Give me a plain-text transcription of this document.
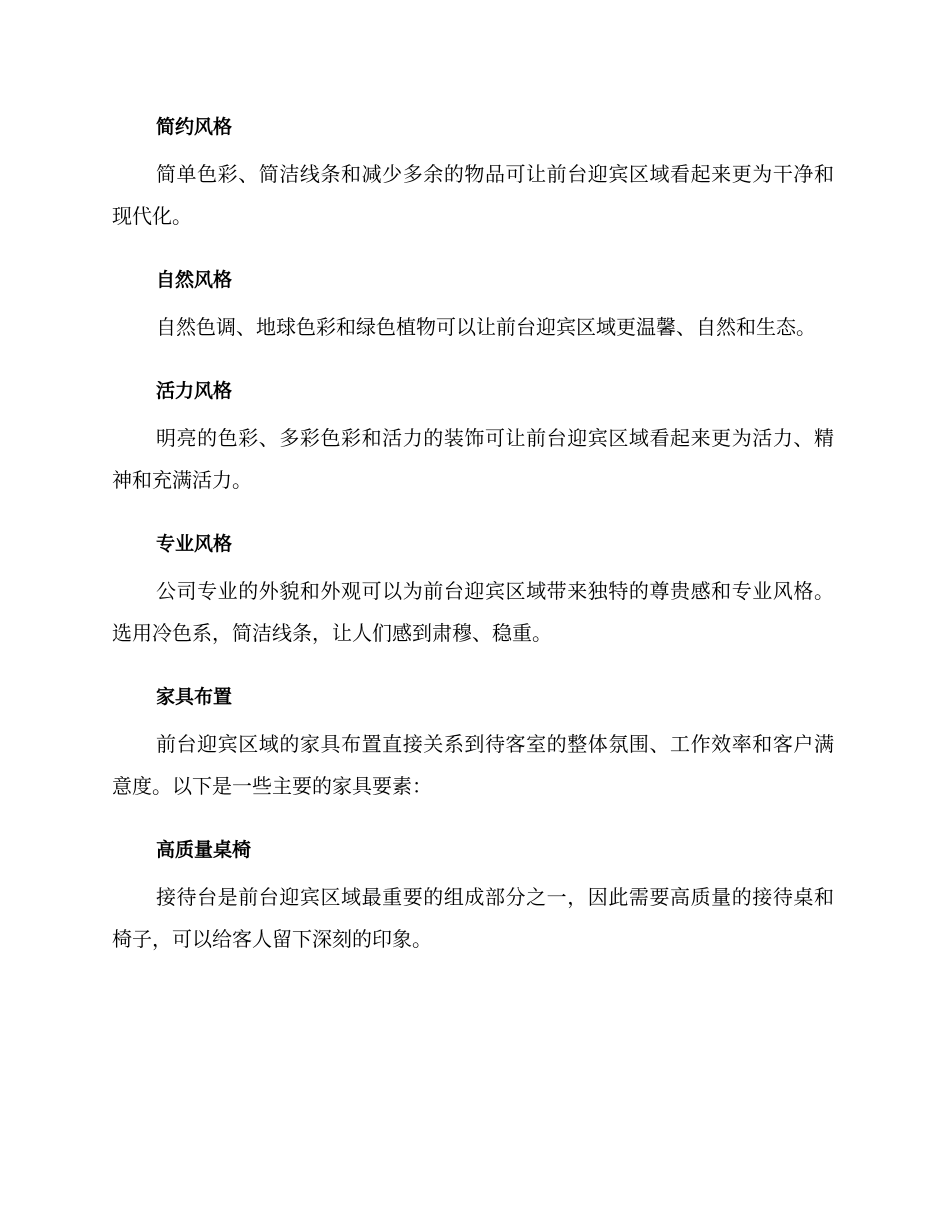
简约风格
简单色彩、简洁线条和减少多余的物品可让前台迎宾区域看起来更为干净和现代化。
自然风格
自然色调、地球色彩和绿色植物可以让前台迎宾区域更温馨、自然和生态。
活力风格
明亮的色彩、多彩色彩和活力的装饰可让前台迎宾区域看起来更为活力、精神和充满活力。
专业风格
公司专业的外貌和外观可以为前台迎宾区域带来独特的尊贵感和专业风格。选用冷色系，简洁线条，让人们感到肃穆、稳重。
家具布置
前台迎宾区域的家具布置直接关系到待客室的整体氛围、工作效率和客户满意度。以下是一些主要的家具要素：
高质量桌椅
接待台是前台迎宾区域最重要的组成部分之一，因此需要高质量的接待桌和椅子，可以给客人留下深刻的印象。
